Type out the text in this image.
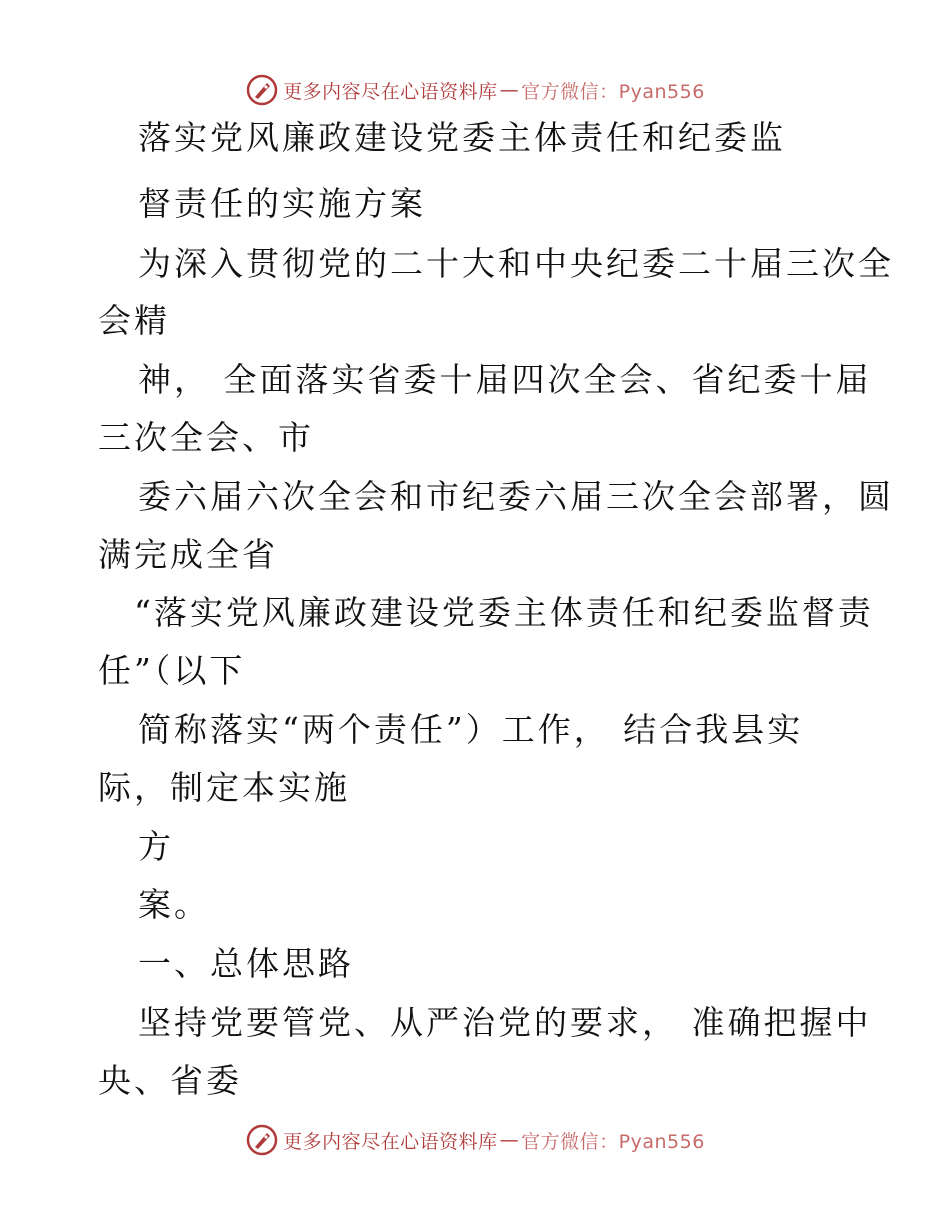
更多内容尽在心语资料库 — 官方微信：Pyan556
落实党风廉政建设党委主体责任和纪委监
督责任的实施方案
为深入贯彻党的二十大和中央纪委二十届三次全
会精
神， 全面落实省委十届四次全会、省纪委十届
三次全会、市
委六届六次全会和市纪委六届三次全会部署，圆
满完成全省
“落实党风廉政建设党委主体责任和纪委监督责
任”（以下
简称落实“两个责任”）工作， 结合我县实
际，制定本实施
方
案。
一、总体思路
坚持党要管党、从严治党的要求， 准确把握中
央、省委
更多内容尽在心语资料库 — 官方微信：Pyan556
